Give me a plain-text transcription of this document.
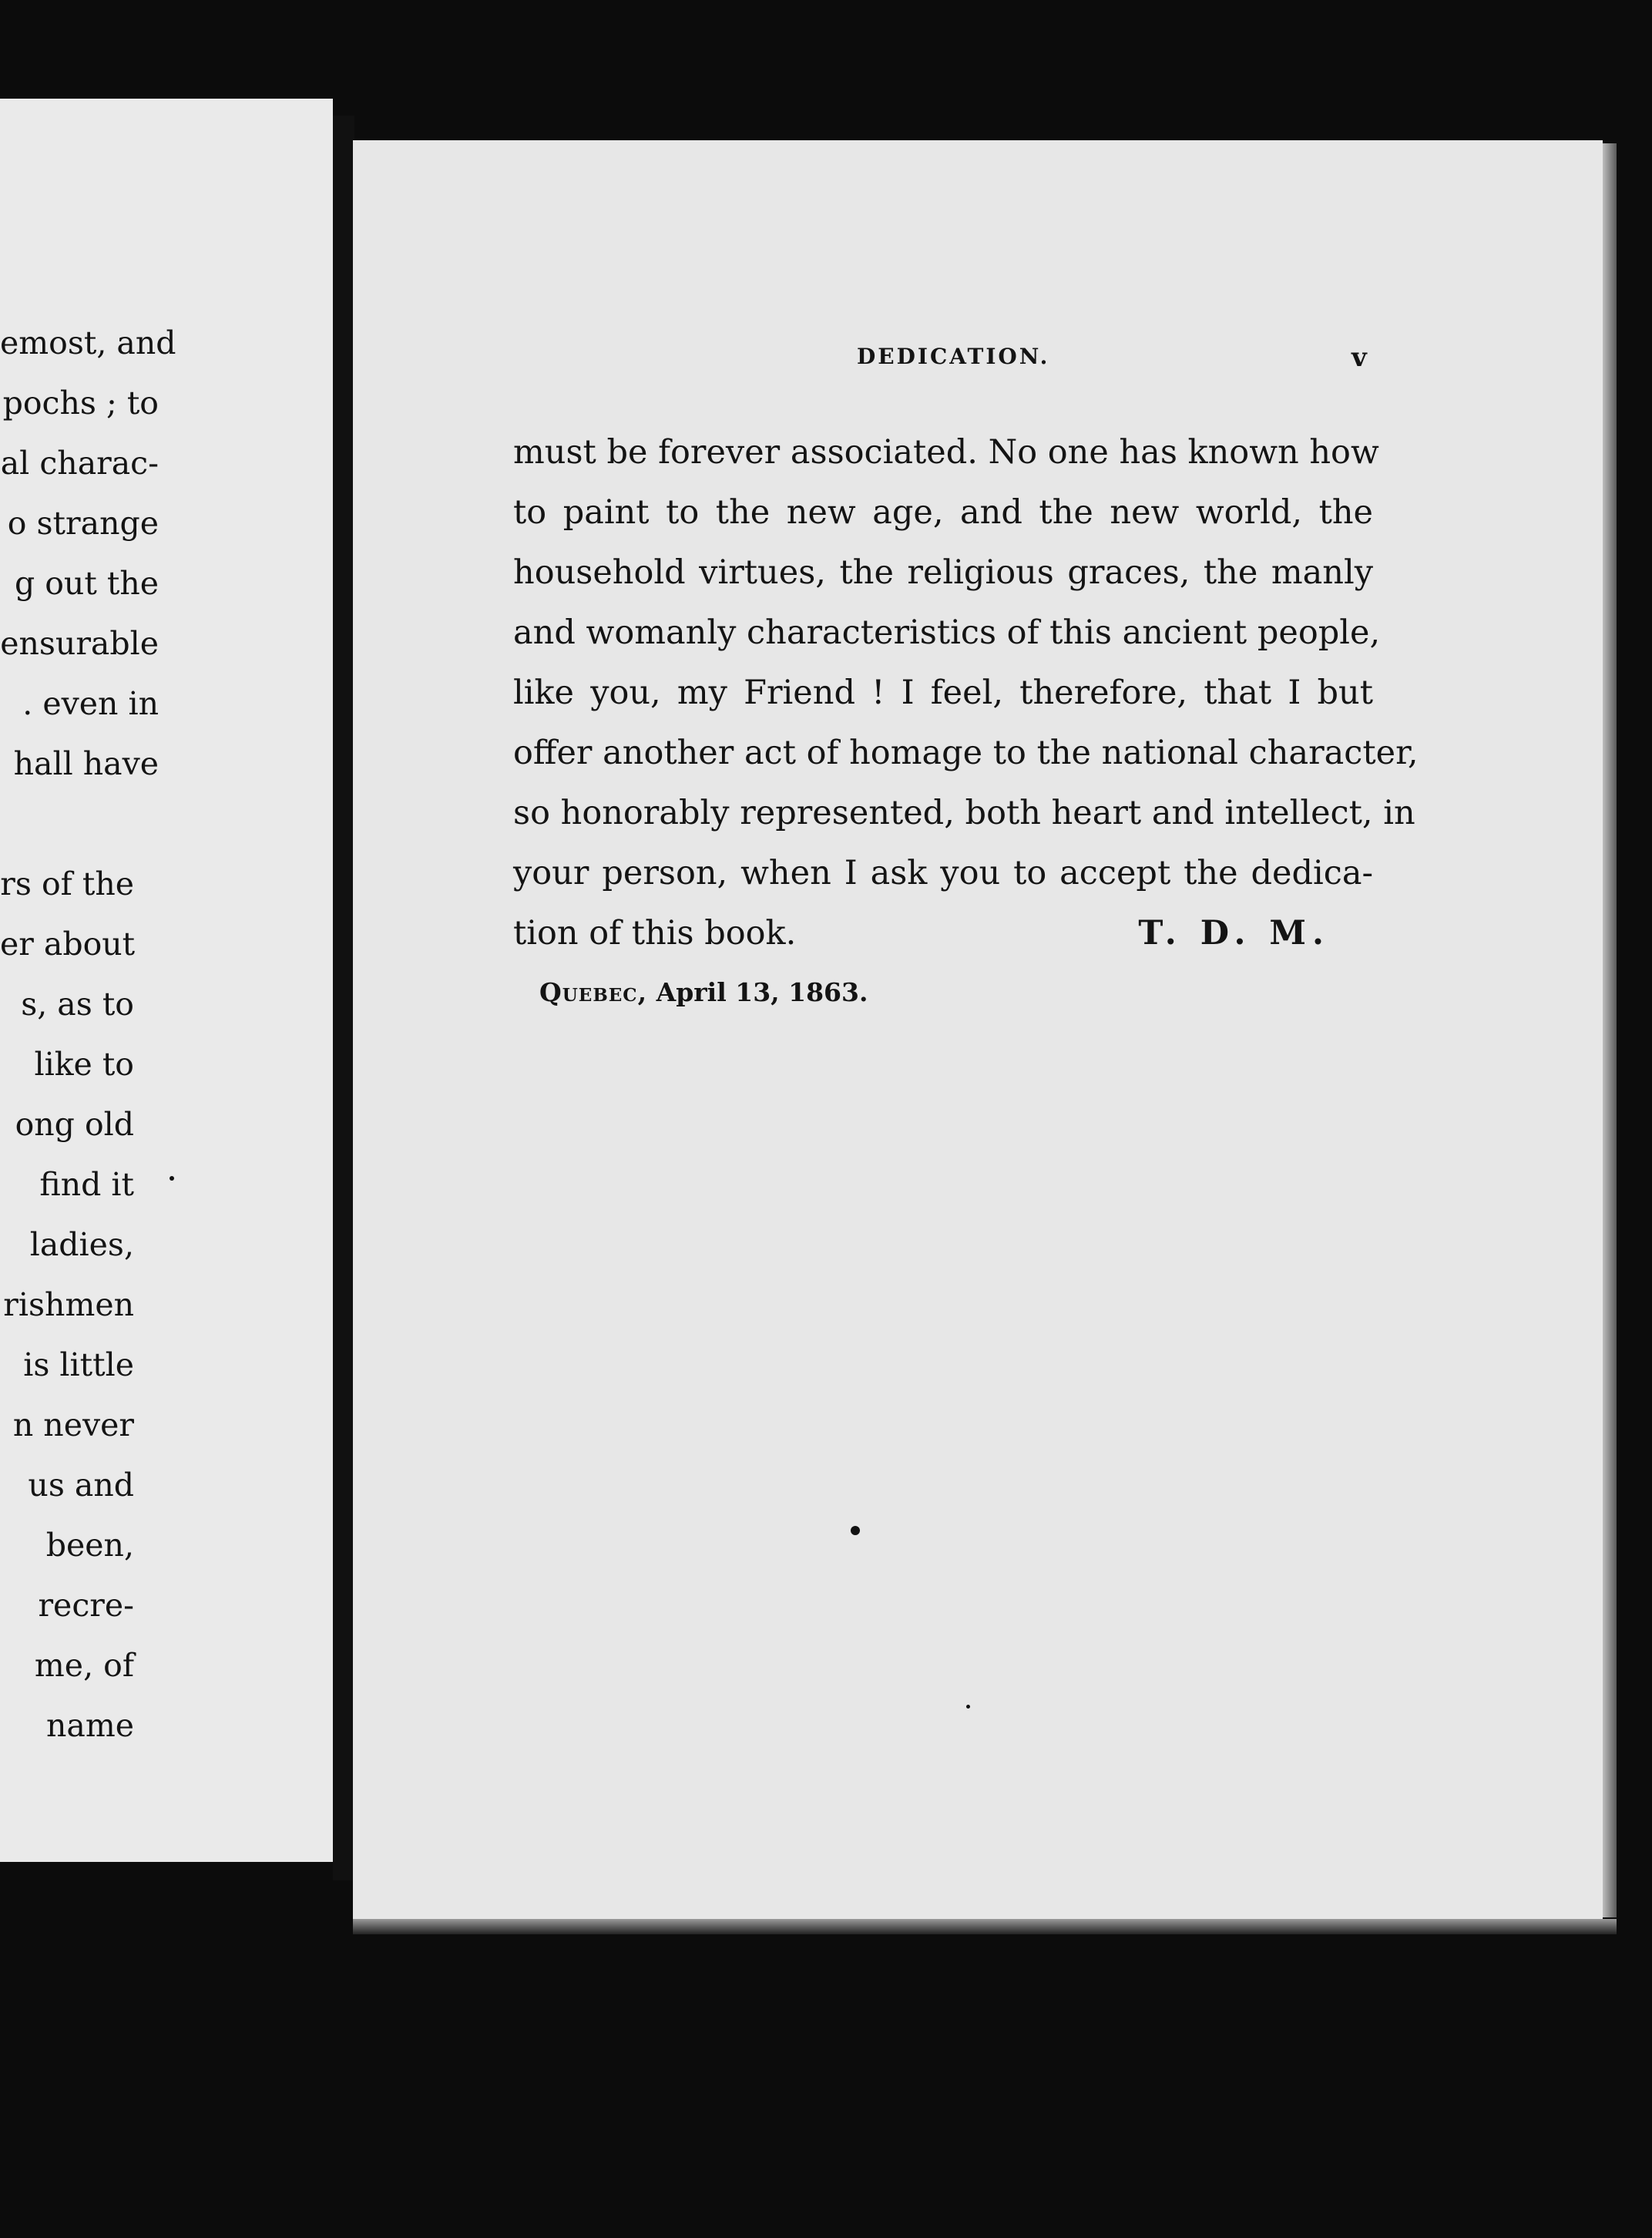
emost, and
pochs ; to
al charac-
o strange
g out the
ensurable
. even in
hall have
rs of the
er about
s, as to
like to
ong old
find it
ladies,
rishmen
is little
n never
us and
been,
recre-
me, of
name
DEDICATION.	v
must be forever associated. No one has known how
to paint to the new age, and the new world, the
household virtues, the religious graces, the manly
and womanly characteristics of this ancient people,
like you, my Friend ! I feel, therefore, that I but
offer another act of homage to the national character,
so honorably represented, both heart and intellect, in
your person, when I ask you to accept the dedica-
tion of this book.	T. D. M.
Quebec, April 13, 1863.
